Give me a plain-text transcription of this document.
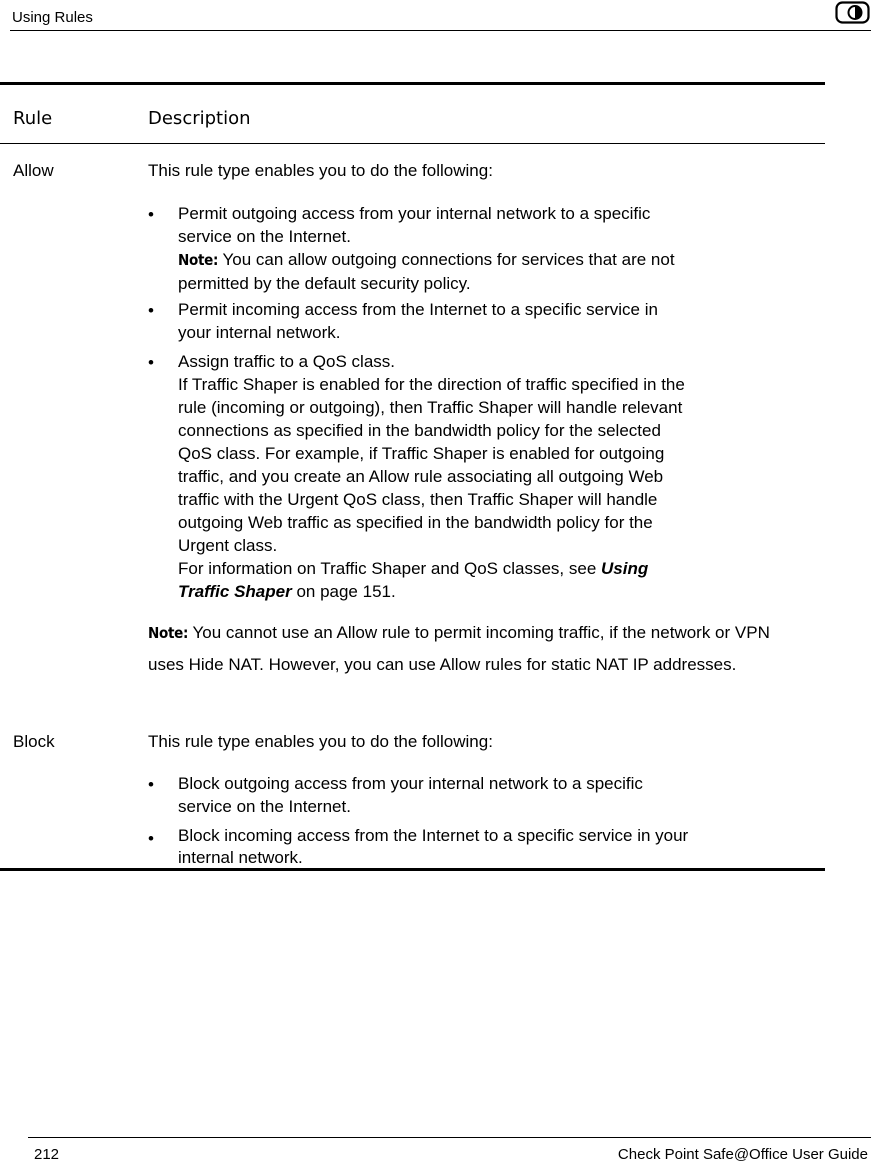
Using Rules
Rule	Description
Allow	This rule type enables you to do the following:
• Permit outgoing access from your internal network to a specific
service on the Internet.
Note: You can allow outgoing connections for services that are not
permitted by the default security policy.
• Permit incoming access from the Internet to a specific service in
your internal network.
• Assign traffic to a QoS class.
If Traffic Shaper is enabled for the direction of traffic specified in the
rule (incoming or outgoing), then Traffic Shaper will handle relevant
connections as specified in the bandwidth policy for the selected
QoS class. For example, if Traffic Shaper is enabled for outgoing
traffic, and you create an Allow rule associating all outgoing Web
traffic with the Urgent QoS class, then Traffic Shaper will handle
outgoing Web traffic as specified in the bandwidth policy for the
Urgent class.
For information on Traffic Shaper and QoS classes, see Using
Traffic Shaper on page 151.
Note: You cannot use an Allow rule to permit incoming traffic, if the network or VPN uses Hide NAT. However, you can use Allow rules for static NAT IP addresses.
Block	This rule type enables you to do the following:
• Block outgoing access from your internal network to a specific
service on the Internet.
• Block incoming access from the Internet to a specific service in your
internal network.
212	Check Point Safe@Office User Guide
